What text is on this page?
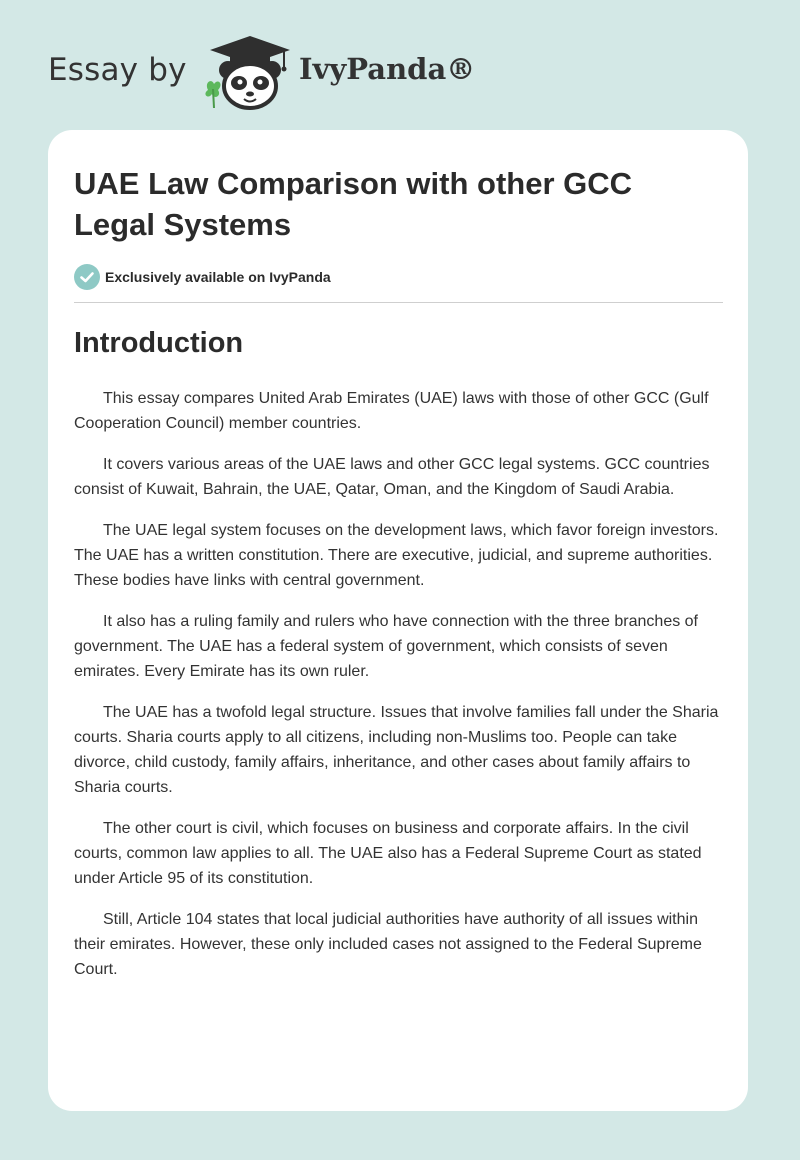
Essay by	IvyPanda®
UAE Law Comparison with other GCC Legal Systems
Exclusively available on IvyPanda
Introduction

This essay compares United Arab Emirates (UAE) laws with those of other GCC (Gulf Cooperation Council) member countries.

It covers various areas of the UAE laws and other GCC legal systems. GCC countries consist of Kuwait, Bahrain, the UAE, Qatar, Oman, and the Kingdom of Saudi Arabia.

The UAE legal system focuses on the development laws, which favor foreign investors. The UAE has a written constitution. There are executive, judicial, and supreme authorities. These bodies have links with central government.

It also has a ruling family and rulers who have connection with the three branches of government. The UAE has a federal system of government, which consists of seven emirates. Every Emirate has its own ruler.

The UAE has a twofold legal structure. Issues that involve families fall under the Sharia courts. Sharia courts apply to all citizens, including non-Muslims too. People can take divorce, child custody, family affairs, inheritance, and other cases about family affairs to Sharia courts.

The other court is civil, which focuses on business and corporate affairs. In the civil courts, common law applies to all. The UAE also has a Federal Supreme Court as stated under Article 95 of its constitution.

Still, Article 104 states that local judicial authorities have authority of all issues within their emirates. However, these only included cases not assigned to the Federal Supreme Court.
